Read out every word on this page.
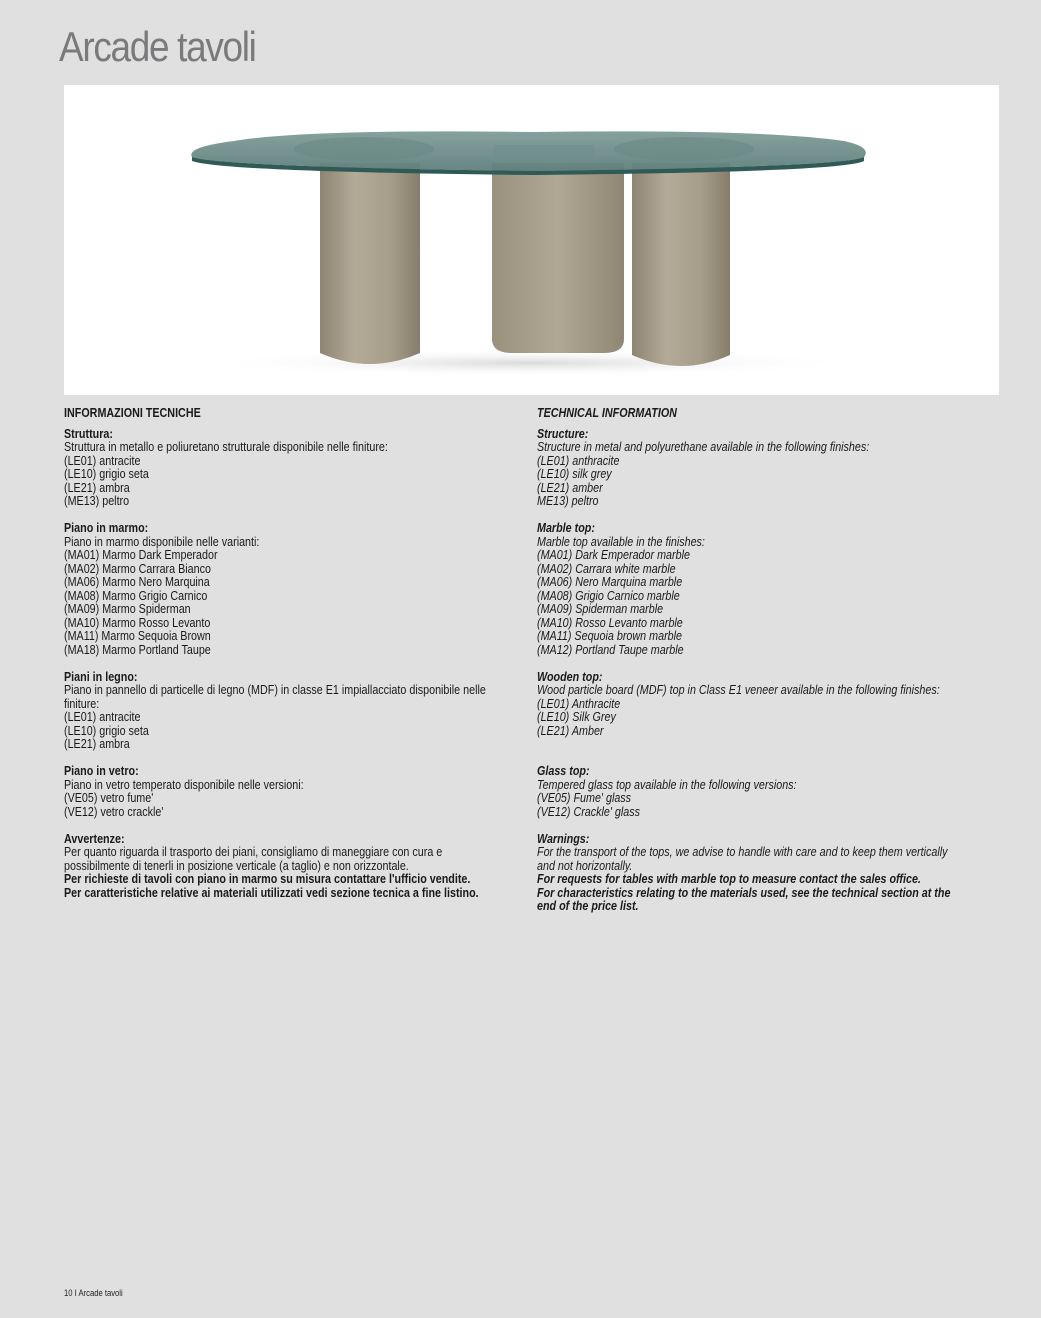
Arcade tavoli
INFORMAZIONI TECNICHE
Struttura:
Struttura in metallo e poliuretano strutturale disponibile nelle finiture:
(LE01) antracite
(LE10) grigio seta
(LE21) ambra
(ME13) peltro
Piano in marmo:
Piano in marmo disponibile nelle varianti:
(MA01) Marmo Dark Emperador
(MA02) Marmo Carrara Bianco
(MA06) Marmo Nero Marquina
(MA08) Marmo Grigio Carnico
(MA09) Marmo Spiderman
(MA10) Marmo Rosso Levanto
(MA11) Marmo Sequoia Brown
(MA18) Marmo Portland Taupe
Piani in legno:
Piano in pannello di particelle di legno (MDF) in classe E1 impiallacciato disponibile nelle
finiture:
(LE01) antracite
(LE10) grigio seta
(LE21) ambra
Piano in vetro:
Piano in vetro temperato disponibile nelle versioni:
(VE05) vetro fume'
(VE12) vetro crackle'
Avvertenze:
Per quanto riguarda il trasporto dei piani, consigliamo di maneggiare con cura e
possibilmente di tenerli in posizione verticale (a taglio) e non orizzontale.
Per richieste di tavoli con piano in marmo su misura contattare l'ufficio vendite.
Per caratteristiche relative ai materiali utilizzati vedi sezione tecnica a fine listino.
TECHNICAL INFORMATION
Structure:
Structure in metal and polyurethane available in the following finishes:
(LE01) anthracite
(LE10) silk grey
(LE21) amber
ME13) peltro
Marble top:
Marble top available in the finishes:
(MA01) Dark Emperador marble
(MA02) Carrara white marble
(MA06) Nero Marquina marble
(MA08) Grigio Carnico marble
(MA09) Spiderman marble
(MA10) Rosso Levanto marble
(MA11) Sequoia brown marble
(MA12) Portland Taupe marble
Wooden top:
Wood particle board (MDF) top in Class E1 veneer available in the following finishes:
(LE01) Anthracite
(LE10) Silk Grey
(LE21) Amber
Glass top:
Tempered glass top available in the following versions:
(VE05) Fume' glass
(VE12) Crackle' glass
Warnings:
For the transport of the tops, we advise to handle with care and to keep them vertically
and not horizontally.
For requests for tables with marble top to measure contact the sales office.
For characteristics relating to the materials used, see the technical section at the
end of the price list.
10 I Arcade tavoli
